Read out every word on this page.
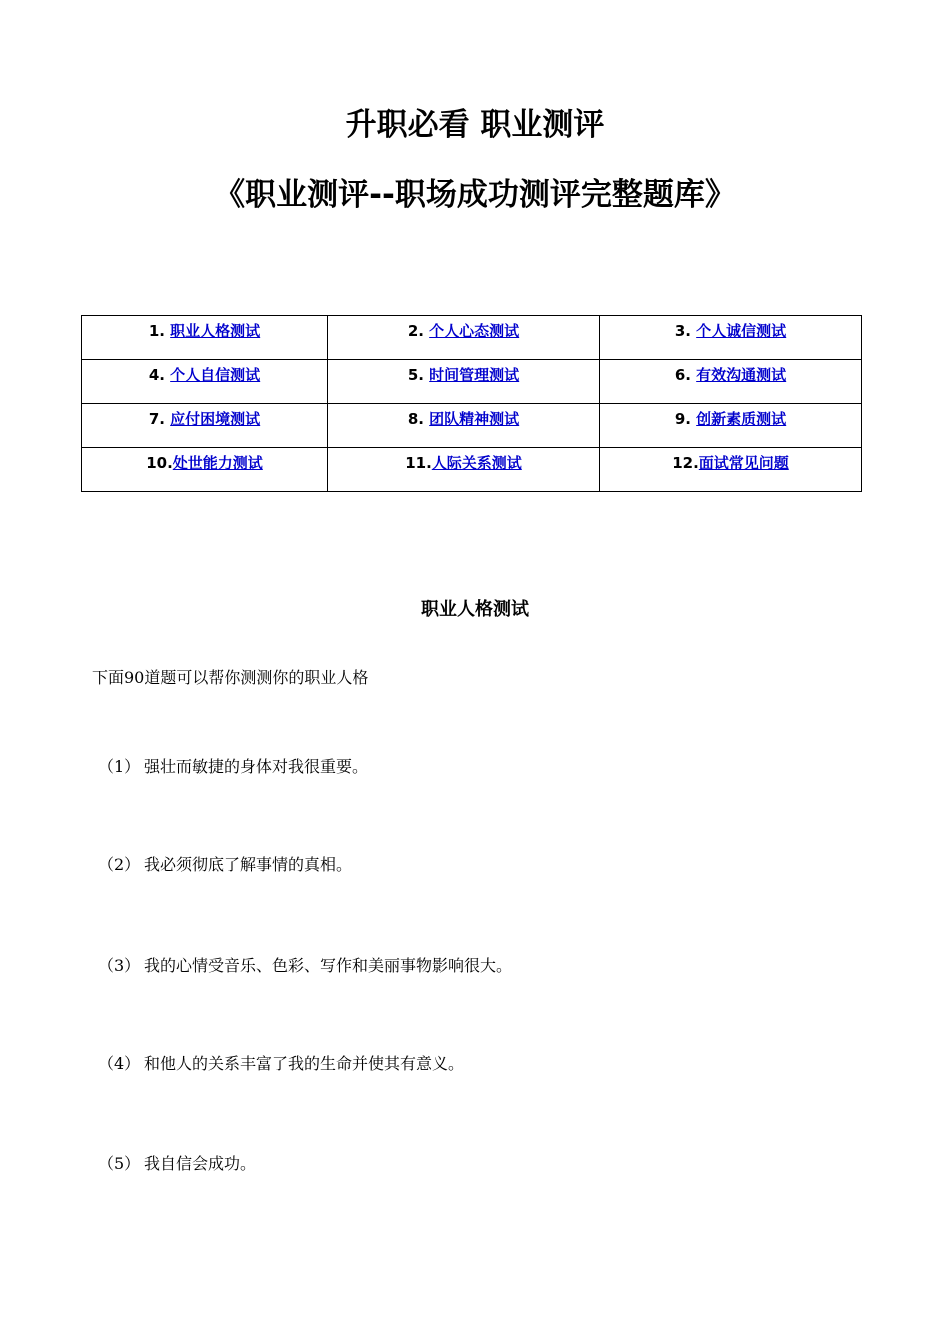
升职必看 职业测评
《职业测评--职场成功测评完整题库》
1. 职业人格测试	2. 个人心态测试	3. 个人诚信测试
4. 个人自信测试	5. 时间管理测试	6. 有效沟通测试
7. 应付困境测试	8. 团队精神测试	9. 创新素质测试
10.处世能力测试	11.人际关系测试	12.面试常见问题
职业人格测试

下面90道题可以帮你测测你的职业人格

（1） 强壮而敏捷的身体对我很重要。

（2） 我必须彻底了解事情的真相。

（3） 我的心情受音乐、色彩、写作和美丽事物影响很大。

（4） 和他人的关系丰富了我的生命并使其有意义。

（5） 我自信会成功。
